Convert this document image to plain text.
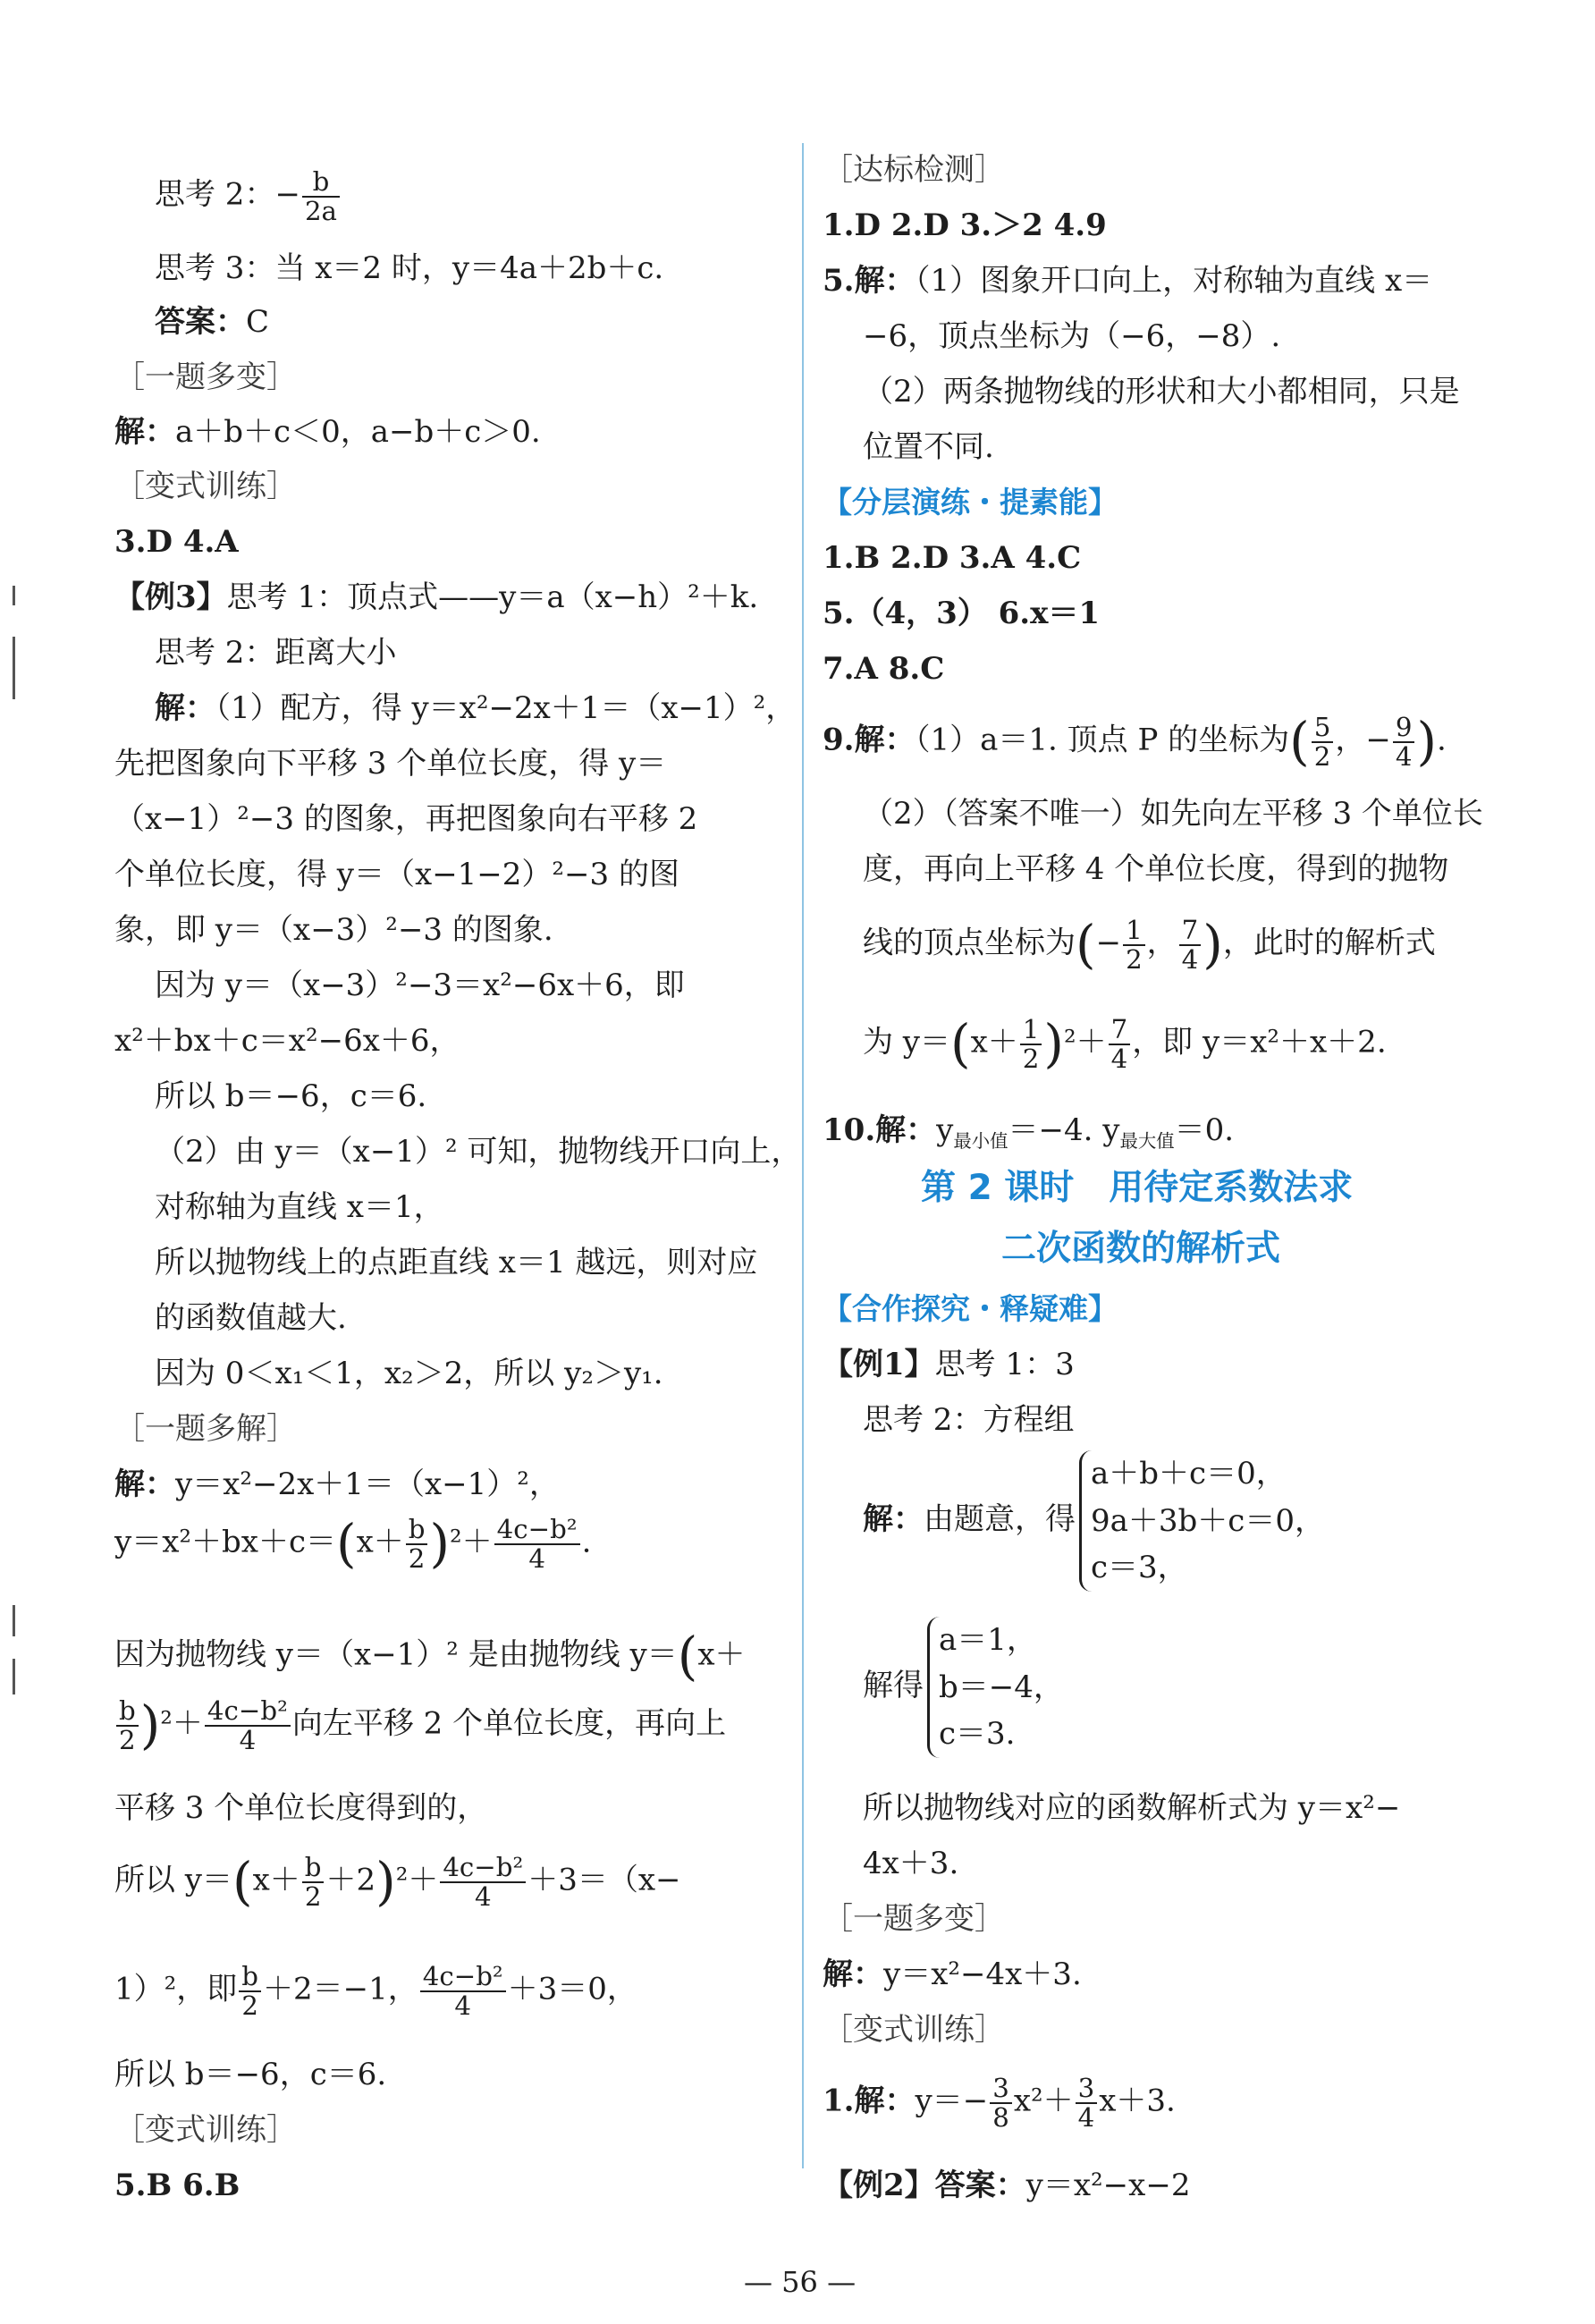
思考 2：− $\frac{b}{2a}$
思考 3：当 x＝2 时，y＝4a＋2b＋c.
答案：C
［一题多变］
解：a＋b＋c＜0，a−b＋c＞0.
［变式训练］
3.D 4.A
【例3】思考 1：顶点式——y＝a（x−h）²＋k.
思考 2：距离大小
解：（1）配方，得 y＝x²−2x＋1＝（x−1）²，
先把图象向下平移 3 个单位长度，得 y＝
（x−1）²−3 的图象，再把图象向右平移 2
个单位长度，得 y＝（x−1−2）²−3 的图
象，即 y＝（x−3）²−3 的图象.
因为 y＝（x−3）²−3＝x²−6x＋6，即
x²＋bx＋c＝x²−6x＋6，
所以 b＝−6，c＝6.
（2）由 y＝（x−1）² 可知，抛物线开口向上，
对称轴为直线 x＝1，
所以抛物线上的点距直线 x＝1 越远，则对应
的函数值越大.
因为 0＜x₁＜1，x₂＞2，所以 y₂＞y₁.
［一题多解］
解：y＝x²−2x＋1＝（x−1）²，
$y=x^2+bx+c=(x+ \frac{b}{2} )^2+ \frac{\text{4c−b²}}{4}$ .
因为抛物线 y＝（x−1）² 是由抛物线 y＝(x＋
$\frac{b}{2} )^2+ \frac{\text{4c−b²}}{4}$ 向左平移 2 个单位长度，再向上
平移 3 个单位长度得到的，
所以 $y=(x+ \frac{b}{2} +2)^2+ \frac{\text{4c−b²}}{4} +3=(x-$
1）²，即 $\frac{b}{2} +2=-1$， $\frac{\text{4c−b²}}{4} +3=0$，
所以 b＝−6，c＝6.
［变式训练］
5.B 6.B
［达标检测］
1.D 2.D 3.＞2 4.9
5.解：（1）图象开口向上，对称轴为直线 x＝
−6，顶点坐标为（−6，−8）.
（2）两条抛物线的形状和大小都相同，只是
位置不同.
【分层演练・提素能】
1.B 2.D 3.A 4.C
5.（4，3） 6.x＝1
7.A 8.C
9.解：（1）a＝1. 顶点 P 的坐标为( $\frac{5}{2}$ ，− $\frac{9}{4}$ ).
（2）（答案不唯一）如先向左平移 3 个单位长
度，再向上平移 4 个单位长度，得到的抛物
线的顶点坐标为(− $\frac{1}{2}$ ， $\frac{7}{4}$ )，此时的解析式
为 $y=(x+ \frac{1}{2} )^2+ \frac{7}{4}$ ，即 y＝x²＋x＋2.
10.解：$y_{最小值}=-4$. $y_{最大值}=0$.
第 2 课时　用待定系数法求
二次函数的解析式
【合作探究・释疑难】
【例1】思考 1：3
思考 2：方程组
解：由题意，得
a＋b＋c＝0，
9a＋3b＋c＝0，
c＝3，
解得
a＝1，
b＝−4，
c＝3.
所以抛物线对应的函数解析式为 y＝x²−
4x＋3.
［一题多变］
解：y＝x²−4x＋3.
［变式训练］
1.解：$y=- \frac{3}{8} x^2+ \frac{3}{4} x+3$.
【例2】答案：y＝x²−x−2
— 56 —
